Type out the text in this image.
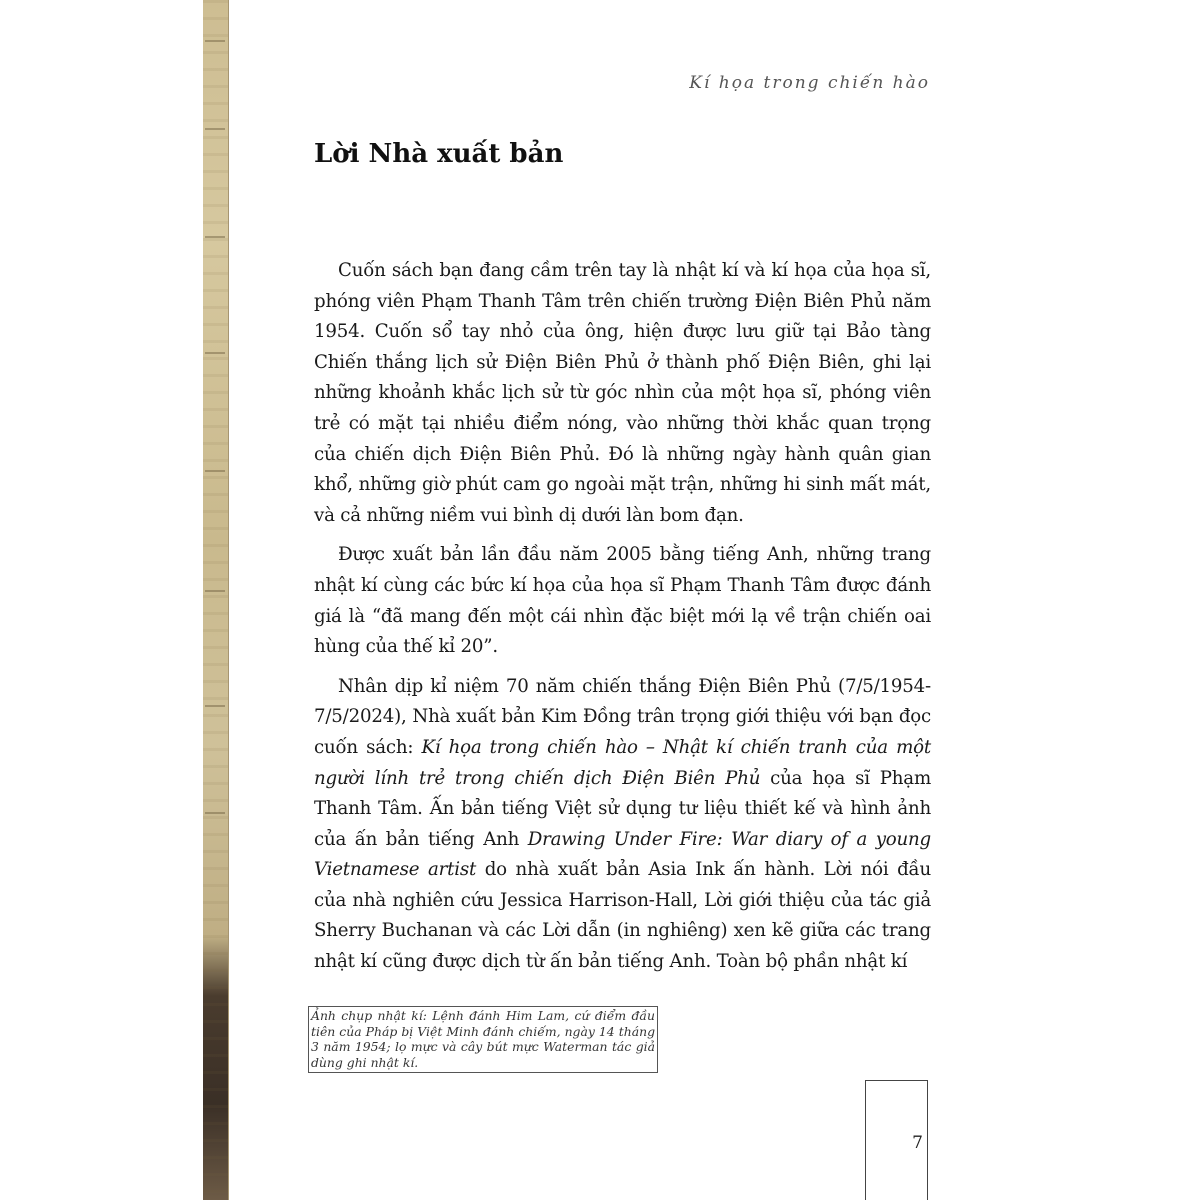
Kí họa trong chiến hào
Lời Nhà xuất bản

Cuốn sách bạn đang cầm trên tay là nhật kí và kí họa của họa sĩ, phóng viên Phạm Thanh Tâm trên chiến trường Điện Biên Phủ năm 1954. Cuốn sổ tay nhỏ của ông, hiện được lưu giữ tại Bảo tàng Chiến thắng lịch sử Điện Biên Phủ ở thành phố Điện Biên, ghi lại những khoảnh khắc lịch sử từ góc nhìn của một họa sĩ, phóng viên trẻ có mặt tại nhiều điểm nóng, vào những thời khắc quan trọng của chiến dịch Điện Biên Phủ. Đó là những ngày hành quân gian khổ, những giờ phút cam go ngoài mặt trận, những hi sinh mất mát, và cả những niềm vui bình dị dưới làn bom đạn.

Được xuất bản lần đầu năm 2005 bằng tiếng Anh, những trang nhật kí cùng các bức kí họa của họa sĩ Phạm Thanh Tâm được đánh giá là “đã mang đến một cái nhìn đặc biệt mới lạ về trận chiến oai hùng của thế kỉ 20”.

Nhân dịp kỉ niệm 70 năm chiến thắng Điện Biên Phủ (7/5/1954-7/5/2024), Nhà xuất bản Kim Đồng trân trọng giới thiệu với bạn đọc cuốn sách: Kí họa trong chiến hào – Nhật kí chiến tranh của một người lính trẻ trong chiến dịch Điện Biên Phủ của họa sĩ Phạm Thanh Tâm. Ấn bản tiếng Việt sử dụng tư liệu thiết kế và hình ảnh của ấn bản tiếng Anh Drawing Under Fire: War diary of a young Vietnamese artist do nhà xuất bản Asia Ink ấn hành. Lời nói đầu của nhà nghiên cứu Jessica Harrison-Hall, Lời giới thiệu của tác giả Sherry Buchanan và các Lời dẫn (in nghiêng) xen kẽ giữa các trang nhật kí cũng được dịch từ ấn bản tiếng Anh. Toàn bộ phần nhật kí

Ảnh chụp nhật kí: Lệnh đánh Him Lam, cứ điểm đầu tiên của Pháp bị Việt Minh đánh chiếm, ngày 14 tháng 3 năm 1954; lọ mực và cây bút mực Waterman tác giả dùng ghi nhật kí.
7
